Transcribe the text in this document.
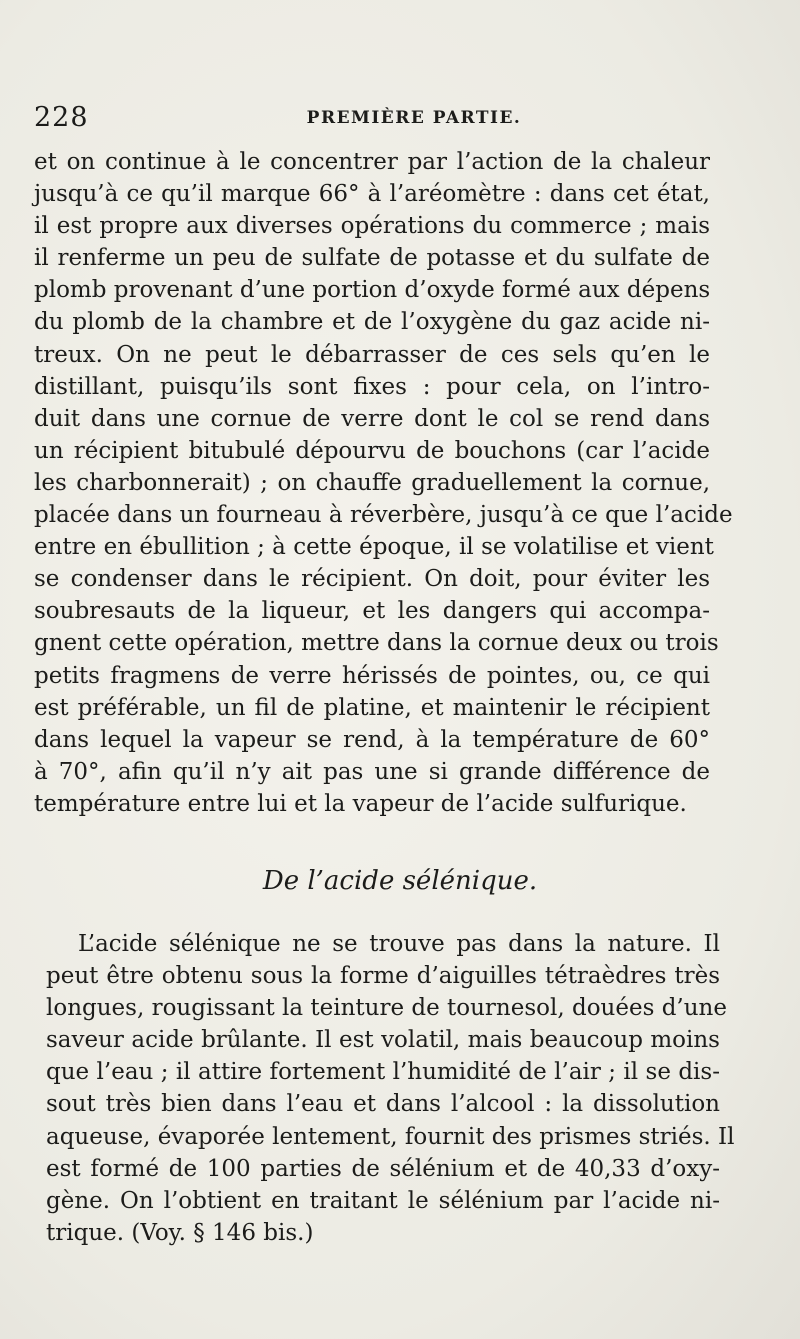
228	PREMIÈRE PARTIE.
et on continue à le concentrer par l’action de la chaleur
jusqu’à ce qu’il marque 66° à l’aréomètre : dans cet état,
il est propre aux diverses opérations du commerce ; mais
il renferme un peu de sulfate de potasse et du sulfate de
plomb provenant d’une portion d’oxyde formé aux dépens
du plomb de la chambre et de l’oxygène du gaz acide ni-
treux. On ne peut le débarrasser de ces sels qu’en le
distillant, puisqu’ils sont fixes : pour cela, on l’intro-
duit dans une cornue de verre dont le col se rend dans
un récipient bitubulé dépourvu de bouchons (car l’acide
les charbonnerait) ; on chauffe graduellement la cornue,
placée dans un fourneau à réverbère, jusqu’à ce que l’acide
entre en ébullition ; à cette époque, il se volatilise et vient
se condenser dans le récipient. On doit, pour éviter les
soubresauts de la liqueur, et les dangers qui accompa-
gnent cette opération, mettre dans la cornue deux ou trois
petits fragmens de verre hérissés de pointes, ou, ce qui
est préférable, un fil de platine, et maintenir le récipient
dans lequel la vapeur se rend, à la température de 60°
à 70°, afin qu’il n’y ait pas une si grande différence de
température entre lui et la vapeur de l’acide sulfurique.
De l’acide sélénique.
L’acide sélénique ne se trouve pas dans la nature. Il
peut être obtenu sous la forme d’aiguilles tétraèdres très
longues, rougissant la teinture de tournesol, douées d’une
saveur acide brûlante. Il est volatil, mais beaucoup moins
que l’eau ; il attire fortement l’humidité de l’air ; il se dis-
sout très bien dans l’eau et dans l’alcool : la dissolution
aqueuse, évaporée lentement, fournit des prismes striés. Il
est formé de 100 parties de sélénium et de 40,33 d’oxy-
gène. On l’obtient en traitant le sélénium par l’acide ni-
trique. (Voy. § 146 bis.)
